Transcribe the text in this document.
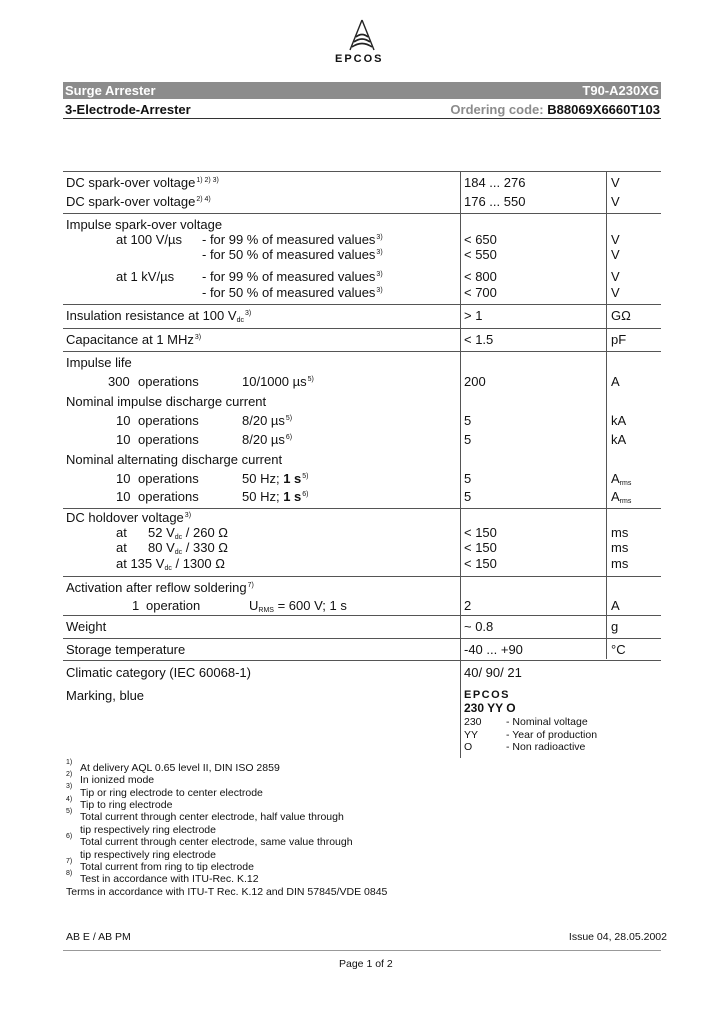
EPCOS
Surge Arrester	T90-A230XG
3-Electrode-Arrester	Ordering code: B88069X6660T103
DC spark-over voltage$^{1) 2) 3)}$	184 ... 276	V
DC spark-over voltage$^{2) 4)}$	176 ... 550	V
Impulse spark-over voltage
at 100 V/µs - for 99 % of measured values$^{3)}$	< 650	V
- for 50 % of measured values$^{3)}$	< 550	V
at 1 kV/µs - for 99 % of measured values$^{3)}$	< 800	V
- for 50 % of measured values$^{3)}$	< 700	V
Insulation resistance at 100 $V_{dc}^{3)}$	> 1	GΩ
Capacitance at 1 MHz$^{3)}$	< 1.5	pF
Impulse life
300 operations	10/1000 µs$^{5)}$	200	A
Nominal impulse discharge current
10 operations	8/20 µs$^{5)}$	5	kA
10 operations	8/20 µs$^{6)}$	5	kA
Nominal alternating discharge current
10 operations	50 Hz; 1 $s^{5)}$	5	$A_{rms}$
10 operations	50 Hz; 1 $s^{6)}$	5	$A_{rms}$
DC holdover voltage$^{3)}$
at 52 $V_{dc} / 260$ Ω	< 150	ms
at 80 $V_{dc} / 330$ Ω	< 150	ms
at 135 $V_{dc} / 1300$ Ω	< 150	ms
Activation after reflow soldering$^{7)}$
1 operation	$U_{RMS} = 600$ V; 1 s	2	A
Weight	~ 0.8	g
Storage temperature	-40 ... +90	°C
Climatic category (IEC 60068-1)	40/ 90/ 21
Marking, blue	EPCOS
230 YY O
230 - Nominal voltage
YY	- Year of production
O	- Non radioactive
1) At delivery AQL 0.65 level II, DIN ISO 2859
2) In ionized mode
3)
Tip or ring electrode to center electrode
4) Tip to ring electrode
5) Total current through center electrode, half value through
tip respectively ring electrode
6) Total current through center electrode, same value through
tip respectively ring electrode
7) Total current from ring to tip electrode
8) Test in accordance with ITU-Rec. K.12
Terms in accordance with ITU-T Rec. K.12 and DIN 57845/VDE 0845
AB E / AB PM	Issue 04, 28.05.2002
Page 1 of 2
